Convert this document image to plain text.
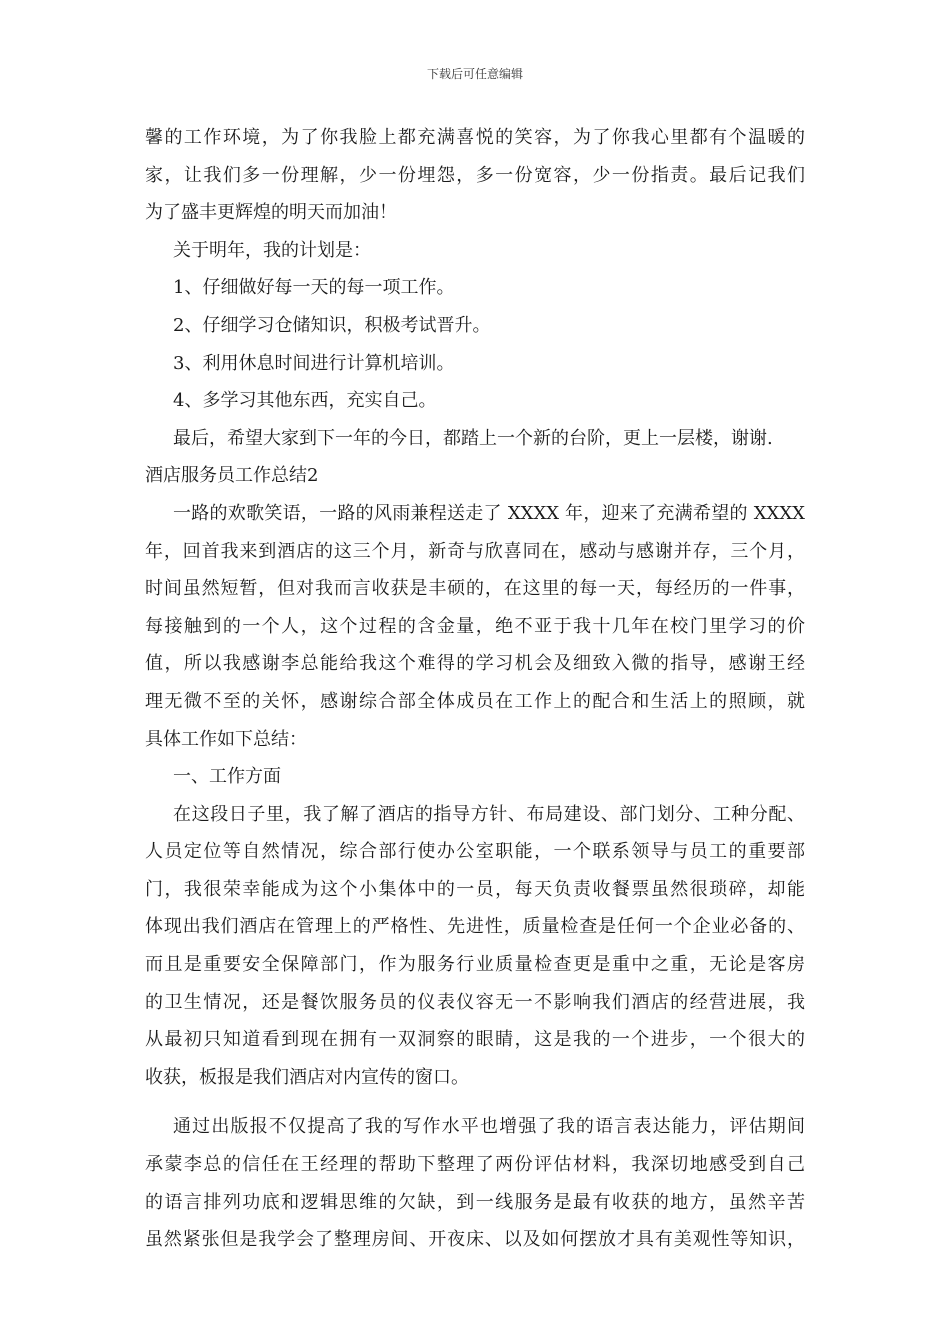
下载后可任意编辑
馨的工作环境，为了你我脸上都充满喜悦的笑容，为了你我心里都有个温暖的
家，让我们多一份理解，少一份埋怨，多一份宽容，少一份指责。最后记我们
为了盛丰更辉煌的明天而加油！
关于明年，我的计划是：
1、仔细做好每一天的每一项工作。
2、仔细学习仓储知识，积极考试晋升。
3、利用休息时间进行计算机培训。
4、多学习其他东西，充实自己。
最后，希望大家到下一年的今日，都踏上一个新的台阶，更上一层楼，谢谢.
酒店服务员工作总结2
一路的欢歌笑语，一路的风雨兼程送走了 XXXX 年，迎来了充满希望的 XXXX
年，回首我来到酒店的这三个月，新奇与欣喜同在，感动与感谢并存，三个月，
时间虽然短暂，但对我而言收获是丰硕的，在这里的每一天，每经历的一件事，
每接触到的一个人，这个过程的含金量，绝不亚于我十几年在校门里学习的价
值，所以我感谢李总能给我这个难得的学习机会及细致入微的指导，感谢王经
理无微不至的关怀，感谢综合部全体成员在工作上的配合和生活上的照顾，就
具体工作如下总结：
一、工作方面
在这段日子里，我了解了酒店的指导方针、布局建设、部门划分、工种分配、
人员定位等自然情况，综合部行使办公室职能，一个联系领导与员工的重要部
门，我很荣幸能成为这个小集体中的一员，每天负责收餐票虽然很琐碎，却能
体现出我们酒店在管理上的严格性、先进性，质量检查是任何一个企业必备的、
而且是重要安全保障部门，作为服务行业质量检查更是重中之重，无论是客房
的卫生情况，还是餐饮服务员的仪表仪容无一不影响我们酒店的经营进展，我
从最初只知道看到现在拥有一双洞察的眼睛，这是我的一个进步，一个很大的
收获，板报是我们酒店对内宣传的窗口。
通过出版报不仅提高了我的写作水平也增强了我的语言表达能力，评估期间
承蒙李总的信任在王经理的帮助下整理了两份评估材料，我深切地感受到自己
的语言排列功底和逻辑思维的欠缺，到一线服务是最有收获的地方，虽然辛苦
虽然紧张但是我学会了整理房间、开夜床、以及如何摆放才具有美观性等知识，
